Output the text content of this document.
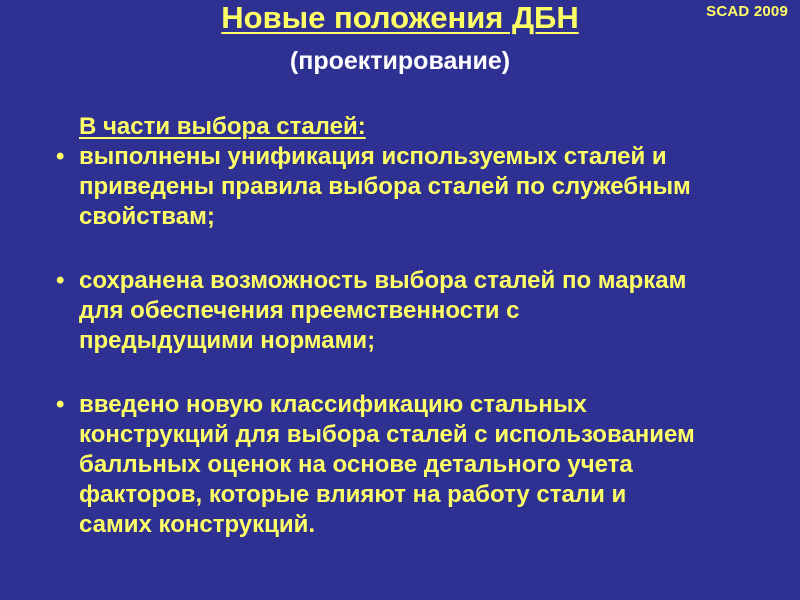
SCAD 2009
Новые положения ДБН
(проектирование)
В части выбора сталей:
• выполнены унификация используемых сталей и приведены правила выбора сталей по служебным свойствам;
• сохранена возможность выбора сталей по маркам для обеспечения преемственности с предыдущими нормами;
• введено новую классификацию стальных конструкций для выбора сталей с использованием балльных оценок на основе детального учета факторов, которые влияют на работу стали и самих конструкций.
